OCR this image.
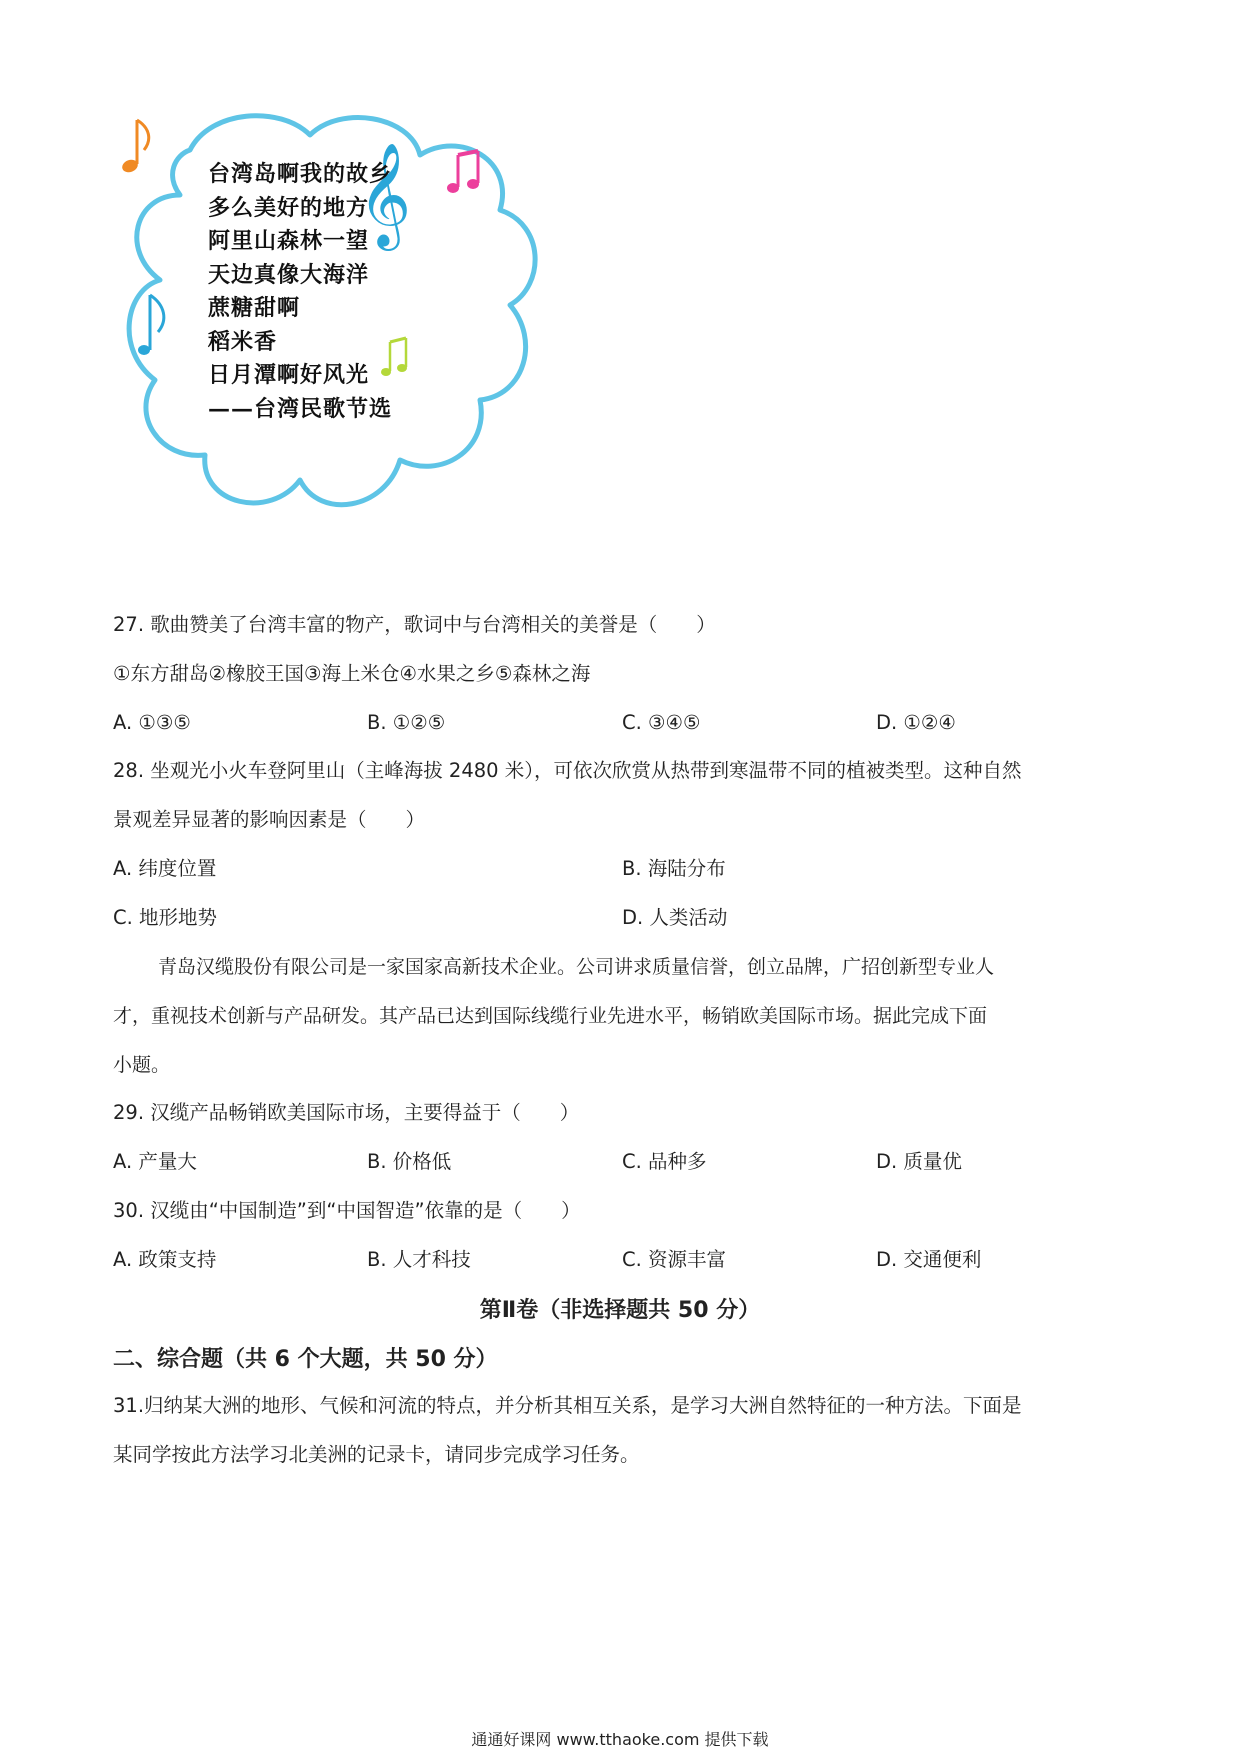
𝄞
台湾岛啊我的故乡
多么美好的地方
阿里山森林一望
天边真像大海洋
蔗糖甜啊
稻米香
日月潭啊好风光
——台湾民歌节选
27. 歌曲赞美了台湾丰富的物产，歌词中与台湾相关的美誉是（　　）
①东方甜岛②橡胶王国③海上米仓④水果之乡⑤森林之海
A. ①③⑤	B. ①②⑤	C. ③④⑤	D. ①②④
28. 坐观光小火车登阿里山（主峰海拔 2480 米），可依次欣赏从热带到寒温带不同的植被类型。这种自然
景观差异显著的影响因素是（　　）
A. 纬度位置	B. 海陆分布
C. 地形地势	D. 人类活动
青岛汉缆股份有限公司是一家国家高新技术企业。公司讲求质量信誉，创立品牌，广招创新型专业人
才，重视技术创新与产品研发。其产品已达到国际线缆行业先进水平，畅销欧美国际市场。据此完成下面
小题。
29. 汉缆产品畅销欧美国际市场，主要得益于（　　）
A. 产量大	B. 价格低	C. 品种多	D. 质量优
30. 汉缆由“中国制造”到“中国智造”依靠的是（　　）
A. 政策支持	B. 人才科技	C. 资源丰富	D. 交通便利
第Ⅱ卷（非选择题共 50 分）
二、综合题（共 6 个大题，共 50 分）
31.归纳某大洲的地形、气候和河流的特点，并分析其相互关系，是学习大洲自然特征的一种方法。下面是
某同学按此方法学习北美洲的记录卡，请同步完成学习任务。
通通好课网 www.tthaoke.com 提供下载
